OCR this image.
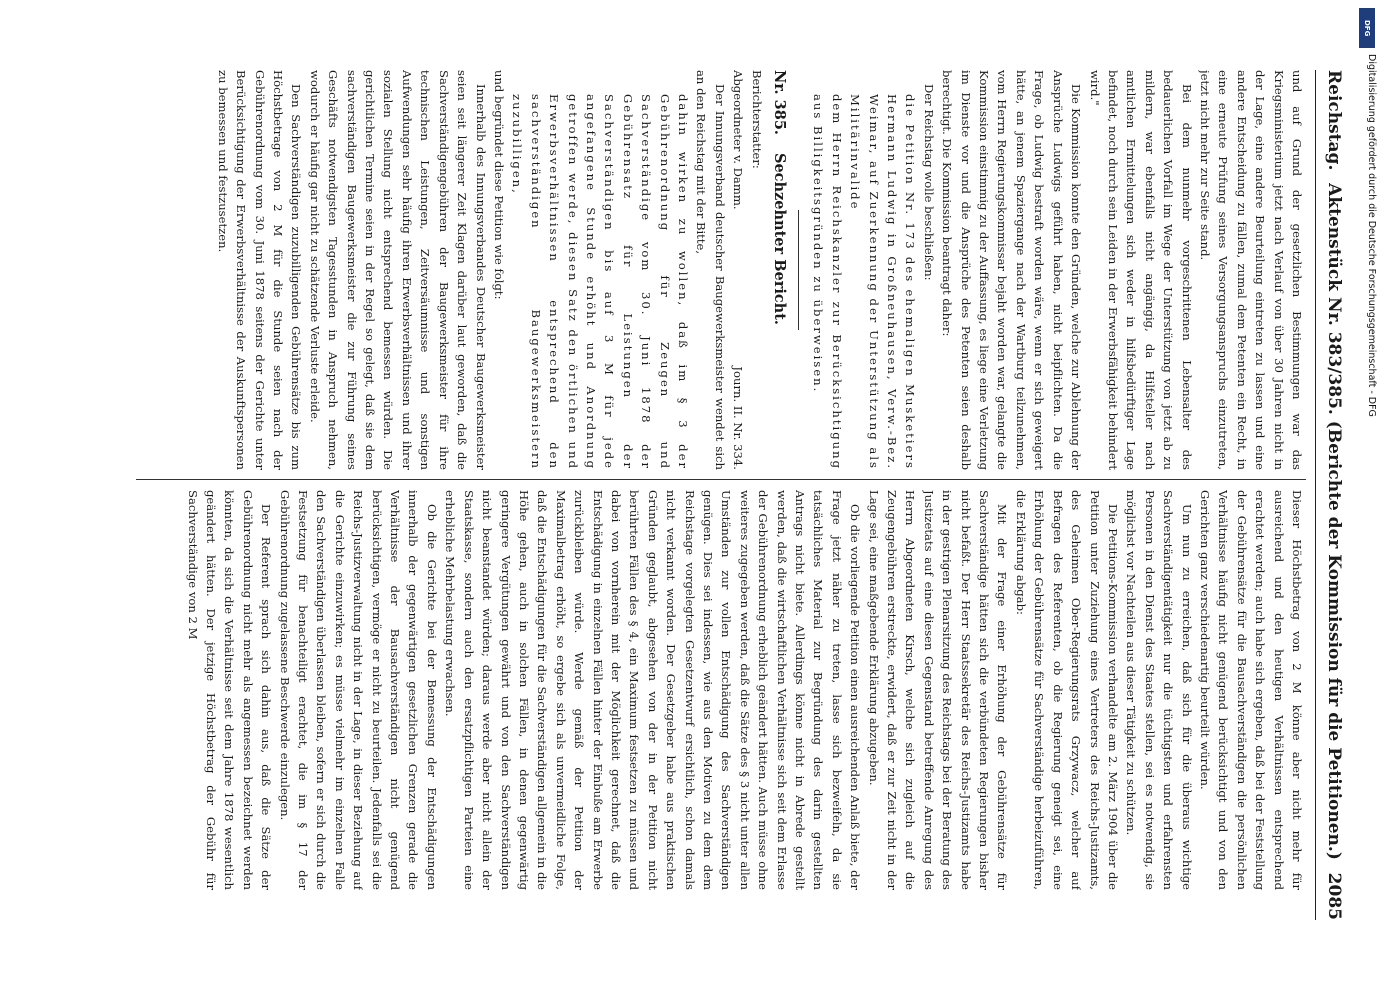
DFG
Digitalisierung gefördert durch die Deutsche Forschungsgemeinschaft - DFG
Reichstag.
Aktenstück Nr. 383/385. (Berichte der Kommission für die Petitionen.)
2085

und auf Grund der gesetzlichen Bestimmungen war das Kriegsministerium jetzt nach Verlauf von über 30 Jahren nicht in der Lage, eine andere Beurteilung eintreten zu lassen und eine andere Entscheidung zu fällen, zumal dem Petenten ein Recht, in eine erneute Prüfung seines Versorgungsanspruchs einzutreten, jetzt nicht mehr zur Seite stand.

Bei dem nunmehr vorgeschrittenen Lebensalter des bedauerlichen Vorfall im Wege der Unterstützung von jetzt ab zu mildern, war ebenfalls nicht angängig, da Hilfsteller nach amtlichen Ermittelungen sich weder in hilfsbedürftiger Lage befindet, noch durch sein Leiden in der Erwerbsfähigkeit behindert wird."

Die Kommission konnte den Gründen, welche zur Ablehnung der Ansprüche Ludwigs geführt haben, nicht beipflichten. Da die Frage, ob Ludwig bestraft worden wäre, wenn er sich geweigert hätte, an jenem Spaziergange nach der Wartburg teilzunehmen, vom Herrn Regierungskommissar bejaht worden war, gelangte die Kommission einstimmig zu der Auffassung, es liege eine Verletzung im Dienste vor und die Ansprüche des Petenten seien deshalb berechtigt. Die Kommission beantragt daher:

Der Reichstag wolle beschließen:

die Petition Nr. 173 des ehemaligen Musketiers Hermann Ludwig in Großneuhausen, Verw.-Bez. Weimar, auf Zuerkennung der Unterstützung als Militärinvalide

dem Herrn Reichskanzler zur Berücksichtigung aus Billigkeitsgründen zu überweisen.

Nr. 385.Sechzehnter Bericht.

Berichterstatter:

Abgeordneter v. Damm.
Journ. II. Nr. 334.

Der Innungsverband deutscher Baugewerksmeister wendet sich an den Reichstag mit der Bitte,

dahin wirken zu wollen, daß im § 3 der Gebührenordnung für Zeugen und Sachverständige vom 30. Juni 1878 der Gebührensatz für Leistungen der Sachverständigen bis auf 3 M für jede angefangene Stunde erhöht und Anordnung getroffen werde, diesen Satz den örtlichen und Erwerbsverhältnissen entsprechend den sachverständigen Baugewerksmeistern zuzubilligen,

und begründet diese Petition wie folgt:

Innerhalb des Innungsverbandes Deutscher Baugewerksmeister seien seit längerer Zeit Klagen darüber laut geworden, daß die Sachverständigengebühren der Baugewerksmeister für ihre technischen Leistungen, Zeitversäumnisse und sonstigen Aufwendungen sehr häufig ihren Erwerbsverhältnissen und ihrer sozialen Stellung nicht entsprechend bemessen würden. Die gerichtlichen Termine seien in der Regel so gelegt, daß sie dem sachverständigen Baugewerksmeister die zur Führung seines Geschäfts notwendigsten Tagesstunden in Anspruch nehmen, wodurch er häufig gar nicht zu schätzende Verluste erleide.

Den Sachverständigen zuzubilligenden Gebührensätze bis zum Höchstbetrage von 2 M für die Stunde seien nach der Gebührenordnung vom 30. Juni 1878 seitens der Gerichte unter Berücksichtigung der Erwerbsverhältnisse der Auskunftspersonen zu bemessen und festzusetzen.

Dieser Höchstbetrag von 2 M könne aber nicht mehr für ausreichend und den heutigen Verhältnissen entsprechend erachtet werden; auch habe sich ergeben, daß bei der Feststellung der Gebührensätze für die Bausachverständigen die persönlichen Verhältnisse häufig nicht genügend berücksichtigt und von den Gerichten ganz verschiedenartig beurteilt würden.

Um nun zu erreichen, daß sich für die überaus wichtige Sachverständigentätigkeit nur die tüchtigsten und erfahrensten Personen in den Dienst des Staates stellen, sei es notwendig, sie möglichst vor Nachteilen aus dieser Tätigkeit zu schützen.

Die Petitions-Kommission verhandelte am 2. März 1904 über die Petition unter Zuziehung eines Vertreters des Reichs-Justizamts, des Geheimen Ober-Regierungsrats Grzywacz, welcher auf Befragen des Referenten, ob die Regierung geneigt sei, eine Erhöhung der Gebührensätze für Sachverständige herbeizuführen, die Erklärung abgab:

Mit der Frage einer Erhöhung der Gebührensätze für Sachverständige hätten sich die verbündeten Regierungen bisher nicht befaßt. Der Herr Staatssekretär des Reichs-Justizamts habe in der gestrigen Plenarsitzung des Reichstags bei der Beratung des Justizetats auf eine diesen Gegenstand betreffende Anregung des Herrn Abgeordneten Kirsch, welche sich zugleich auf die Zeugengebühren erstreckte, erwidert, daß er zur Zeit nicht in der Lage sei, eine maßgebende Erklärung abzugeben.

Ob die vorliegende Petition einen ausreichenden Anlaß biete, der Frage jetzt näher zu treten, lasse sich bezweifeln, da sie tatsächliches Material zur Begründung des darin gestellten Antrags nicht biete. Allerdings könne nicht in Abrede gestellt werden, daß die wirtschaftlichen Verhältnisse sich seit dem Erlasse der Gebührenordnung erheblich geändert hätten. Auch müsse ohne weiteres zugegeben werden, daß die Sätze des § 3 nicht unter allen Umständen zur vollen Entschädigung des Sachverständigen genügen. Dies sei indessen, wie aus den Motiven zu dem dem Reichstage vorgelegten Gesetzentwurf ersichtlich, schon damals nicht verkannt worden. Der Gesetzgeber habe aus praktischen Gründen geglaubt, abgesehen von der in der Petition nicht berührten Fällen des § 4, ein Maximum festsetzen zu müssen und dabei von vornherein mit der Möglichkeit gerechnet, daß die Entschädigung in einzelnen Fällen hinter der Einbuße am Erwerbe zurückbleiben würde. Werde gemäß der Petition der Maximalbetrag erhöht, so ergebe sich als unvermeidliche Folge, daß die Entschädigungen für die Sachverständigen allgemein in die Höhe gehen, auch in solchen Fällen, in denen gegenwärtig geringere Vergütungen gewährt und von den Sachverständigen nicht beanstandet würden; daraus werde aber nicht allein der Staatskasse, sondern auch den ersatzpflichtigen Parteien eine erhebliche Mehrbelastung erwachsen.

Ob die Gerichte bei der Bemessung der Entschädigungen innerhalb der gegenwärtigen gesetzlichen Grenzen gerade die Verhältnisse der Bausachverständigen nicht genügend berücksichtigen, vermöge er nicht zu beurteilen. Jedenfalls sei die Reichs-Justizverwaltung nicht in der Lage, in dieser Beziehung auf die Gerichte einzuwirken; es müsse vielmehr im einzelnen Falle den Sachverständigen überlassen bleiben, sofern er sich durch die Festsetzung für benachteiligt erachtet, die im § 17 der Gebührenordnung zugelassene Beschwerde einzulegen.

Der Referent sprach sich dahin aus, daß die Sätze der Gebührenordnung nicht mehr als angemessen bezeichnet werden könnten, da sich die Verhältnisse seit dem Jahre 1878 wesentlich geändert hätten. Der jetzige Höchstbetrag der Gebühr für Sachverständige von 2 M
